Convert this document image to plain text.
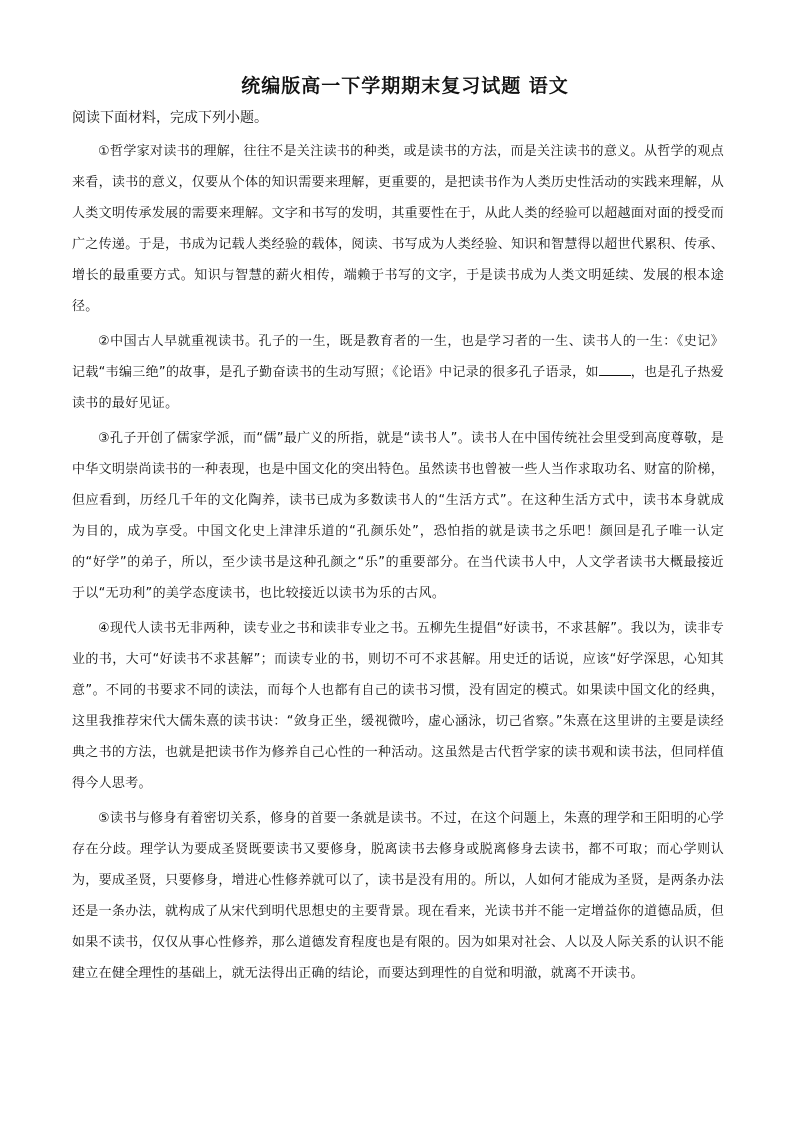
统编版高一下学期期末复习试题 语文

阅读下面材料，完成下列小题。

①哲学家对读书的理解，往往不是关注读书的种类，或是读书的方法，而是关注读书的意义。从哲学的观点来看，读书的意义，仅要从个体的知识需要来理解，更重要的，是把读书作为人类历史性活动的实践来理解，从人类文明传承发展的需要来理解。文字和书写的发明，其重要性在于，从此人类的经验可以超越面对面的授受而广之传递。于是，书成为记载人类经验的载体，阅读、书写成为人类经验、知识和智慧得以超世代累积、传承、增长的最重要方式。知识与智慧的薪火相传，端赖于书写的文字，于是读书成为人类文明延续、发展的根本途径。

②中国古人早就重视读书。孔子的一生，既是教育者的一生，也是学习者的一生、读书人的一生：《史记》记载“韦编三绝”的故事，是孔子勤奋读书的生动写照；《论语》中记录的很多孔子语录，如 ，也是孔子热爱读书的最好见证。

③孔子开创了儒家学派，而“儒”最广义的所指，就是“读书人”。读书人在中国传统社会里受到高度尊敬，是中华文明崇尚读书的一种表现，也是中国文化的突出特色。虽然读书也曾被一些人当作求取功名、财富的阶梯，但应看到，历经几千年的文化陶养，读书已成为多数读书人的“生活方式”。在这种生活方式中，读书本身就成为目的，成为享受。中国文化史上津津乐道的“孔颜乐处”，恐怕指的就是读书之乐吧！颜回是孔子唯一认定的“好学”的弟子，所以，至少读书是这种孔颜之“乐”的重要部分。在当代读书人中，人文学者读书大概最接近于以“无功利”的美学态度读书，也比较接近以读书为乐的古风。

④现代人读书无非两种，读专业之书和读非专业之书。五柳先生提倡“好读书，不求甚解”。我以为，读非专业的书，大可“好读书不求甚解”；而读专业的书，则切不可不求甚解。用史迁的话说，应该“好学深思，心知其意”。不同的书要求不同的读法，而每个人也都有自己的读书习惯，没有固定的模式。如果读中国文化的经典，这里我推荐宋代大儒朱熹的读书诀：“敛身正坐，缓视微吟，虚心涵泳，切己省察。”朱熹在这里讲的主要是读经典之书的方法，也就是把读书作为修养自己心性的一种活动。这虽然是古代哲学家的读书观和读书法，但同样值得今人思考。

⑤读书与修身有着密切关系，修身的首要一条就是读书。不过，在这个问题上，朱熹的理学和王阳明的心学存在分歧。理学认为要成圣贤既要读书又要修身，脱离读书去修身或脱离修身去读书，都不可取；而心学则认为，要成圣贤，只要修身，增进心性修养就可以了，读书是没有用的。所以，人如何才能成为圣贤，是两条办法还是一条办法，就构成了从宋代到明代思想史的主要背景。现在看来，光读书并不能一定增益你的道德品质，但如果不读书，仅仅从事心性修养，那么道德发育程度也是有限的。因为如果对社会、人以及人际关系的认识不能建立在健全理性的基础上，就无法得出正确的结论，而要达到理性的自觉和明澈，就离不开读书。
